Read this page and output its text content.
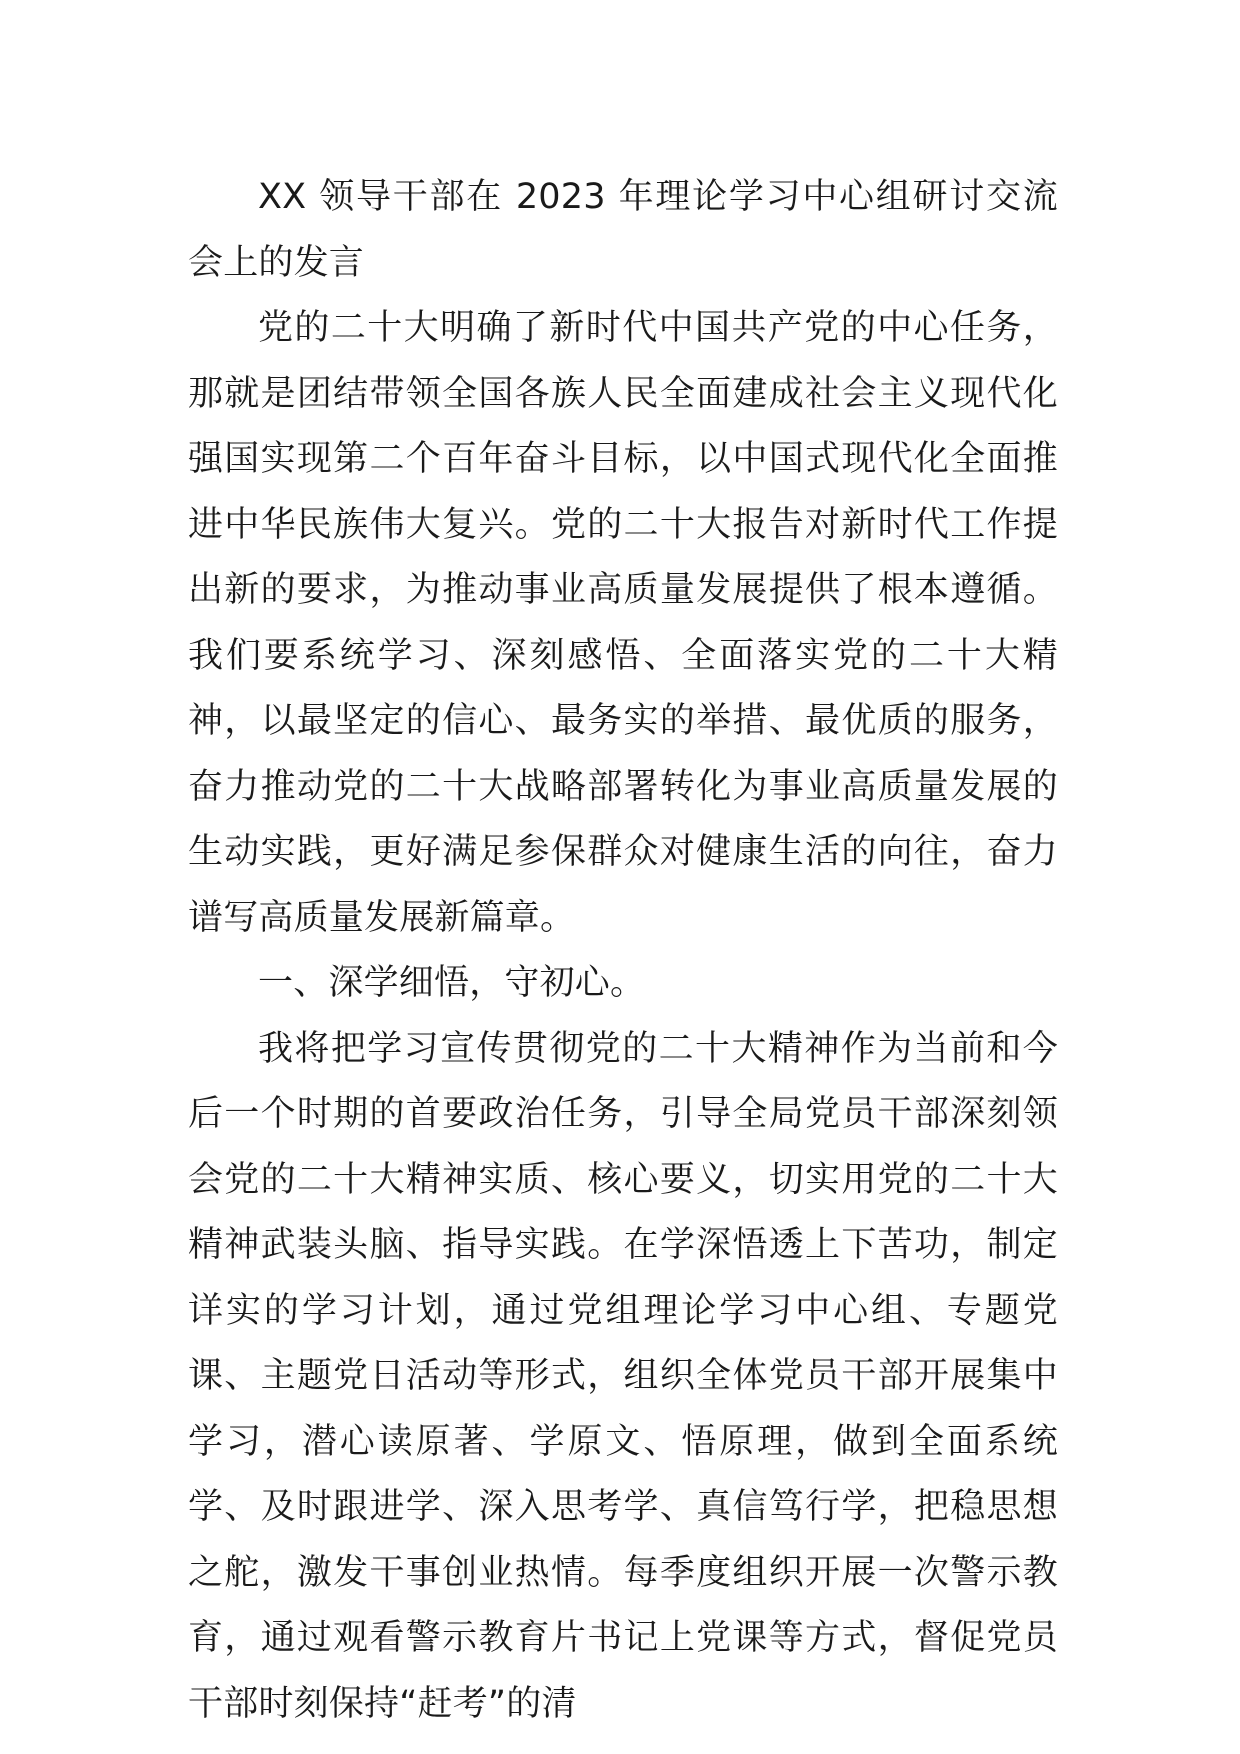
XX 领导干部在 2023 年理论学习中心组研讨交流会上的发言

党的二十大明确了新时代中国共产党的中心任务，那就是团结带领全国各族人民全面建成社会主义现代化强国实现第二个百年奋斗目标，以中国式现代化全面推进中华民族伟大复兴。党的二十大报告对新时代工作提出新的要求，为推动事业高质量发展提供了根本遵循。我们要系统学习、深刻感悟、全面落实党的二十大精神，以最坚定的信心、最务实的举措、最优质的服务，奋力推动党的二十大战略部署转化为事业高质量发展的生动实践，更好满足参保群众对健康生活的向往，奋力谱写高质量发展新篇章。

一、深学细悟，守初心。

我将把学习宣传贯彻党的二十大精神作为当前和今后一个时期的首要政治任务，引导全局党员干部深刻领会党的二十大精神实质、核心要义，切实用党的二十大精神武装头脑、指导实践。在学深悟透上下苦功，制定详实的学习计划，通过党组理论学习中心组、专题党课、主题党日活动等形式，组织全体党员干部开展集中学习，潜心读原著、学原文、悟原理，做到全面系统学、及时跟进学、深入思考学、真信笃行学，把稳思想之舵，激发干事创业热情。每季度组织开展一次警示教育，通过观看警示教育片书记上党课等方式，督促党员干部时刻保持“赶考”的清
